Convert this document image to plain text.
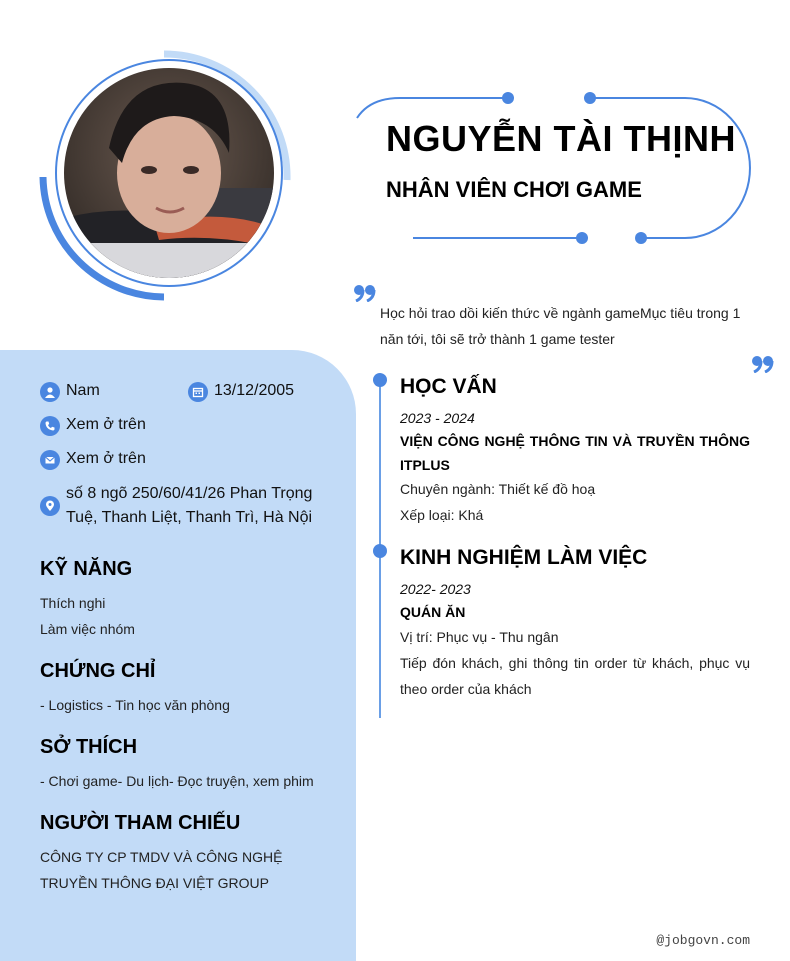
NGUYỄN TÀI THỊNH
NHÂN VIÊN CHƠI GAME
Học hỏi trao dồi kiến thức về ngành gameMục tiêu trong 1 năn tới, tôi sẽ trở thành 1 game tester
Nam	13/12/2005
Xem ở trên
Xem ở trên
số 8 ngõ 250/60/41/26 Phan Trọng Tuệ, Thanh Liệt, Thanh Trì, Hà Nội
KỸ NĂNG
Thích nghi
Làm việc nhóm
CHỨNG CHỈ
- Logistics - Tin học văn phòng
SỞ THÍCH
- Chơi game- Du lịch- Đọc truyện, xem phim
NGƯỜI THAM CHIẾU
CÔNG TY CP TMDV VÀ CÔNG NGHỆ TRUYỀN THÔNG ĐẠI VIỆT GROUP
HỌC VẤN
2023 - 2024
VIỆN CÔNG NGHỆ THÔNG TIN VÀ TRUYỀN THÔNG ITPLUS
Chuyên ngành: Thiết kế đồ hoạ
Xếp loại: Khá
KINH NGHIỆM LÀM VIỆC
2022- 2023
QUÁN ĂN
Vị trí: Phục vụ - Thu ngân
Tiếp đón khách, ghi thông tin order từ khách, phục vụ theo order của khách
@jobgovn.com
